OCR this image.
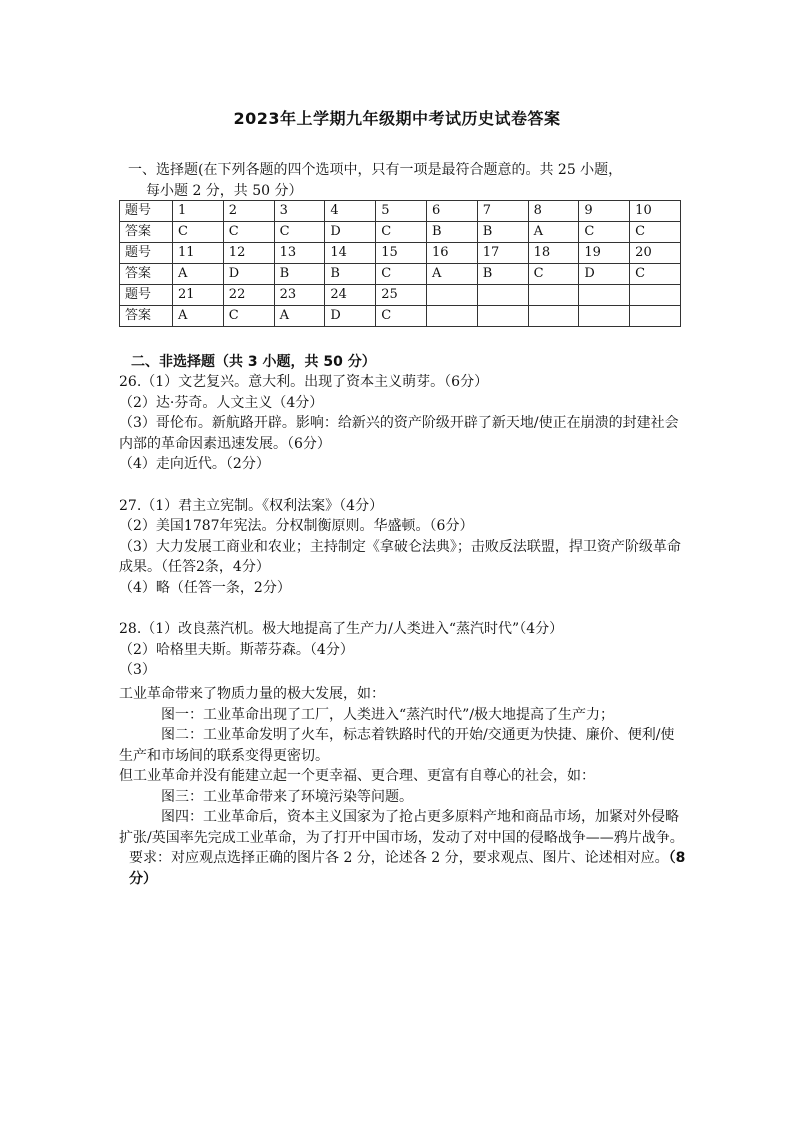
2023年上学期九年级期中考试历史试卷答案
一、选择题(在下列各题的四个选项中，只有一项是最符合题意的。共 25 小题，
每小题 2 分，共 50 分）
题号	1	2	3	4	5	6	7	8	9	10
答案	C	C	C	D	C	B	B	A	C	C
题号	11	12	13	14	15	16	17	18	19	20
答案	A	D	B	B	C	A	B	C	D	C
题号	21	22	23	24	25					
答案	A	C	A	D	C					
二、非选择题（共 3 小题，共 50 分）

26.（1）文艺复兴。意大利。出现了资本主义萌芽。（6分）

（2）达·芬奇。人文主义（4分）

（3）哥伦布。新航路开辟。影响：给新兴的资产阶级开辟了新天地/使正在崩溃的封建社会内部的革命因素迅速发展。（6分）

（4）走向近代。（2分）

27.（1）君主立宪制。《权利法案》（4分）

（2）美国1787年宪法。分权制衡原则。华盛顿。（6分）

（3）大力发展工商业和农业；主持制定《拿破仑法典》；击败反法联盟，捍卫资产阶级革命成果。（任答2条，4分）

（4）略（任答一条，2分）

28.（1）改良蒸汽机。极大地提高了生产力/人类进入“蒸汽时代”（4分）

（2）哈格里夫斯。斯蒂芬森。（4分）

（3）

工业革命带来了物质力量的极大发展，如：

图一：工业革命出现了工厂，人类进入“蒸汽时代”/极大地提高了生产力；

图二：工业革命发明了火车，标志着铁路时代的开始/交通更为快捷、廉价、便利/使生产和市场间的联系变得更密切。

但工业革命并没有能建立起一个更幸福、更合理、更富有自尊心的社会，如：

图三：工业革命带来了环境污染等问题。

图四：工业革命后，资本主义国家为了抢占更多原料产地和商品市场，加紧对外侵略扩张/英国率先完成工业革命，为了打开中国市场，发动了对中国的侵略战争——鸦片战争。

要求：对应观点选择正确的图片各 2 分，论述各 2 分，要求观点、图片、论述相对应。（8 分）
